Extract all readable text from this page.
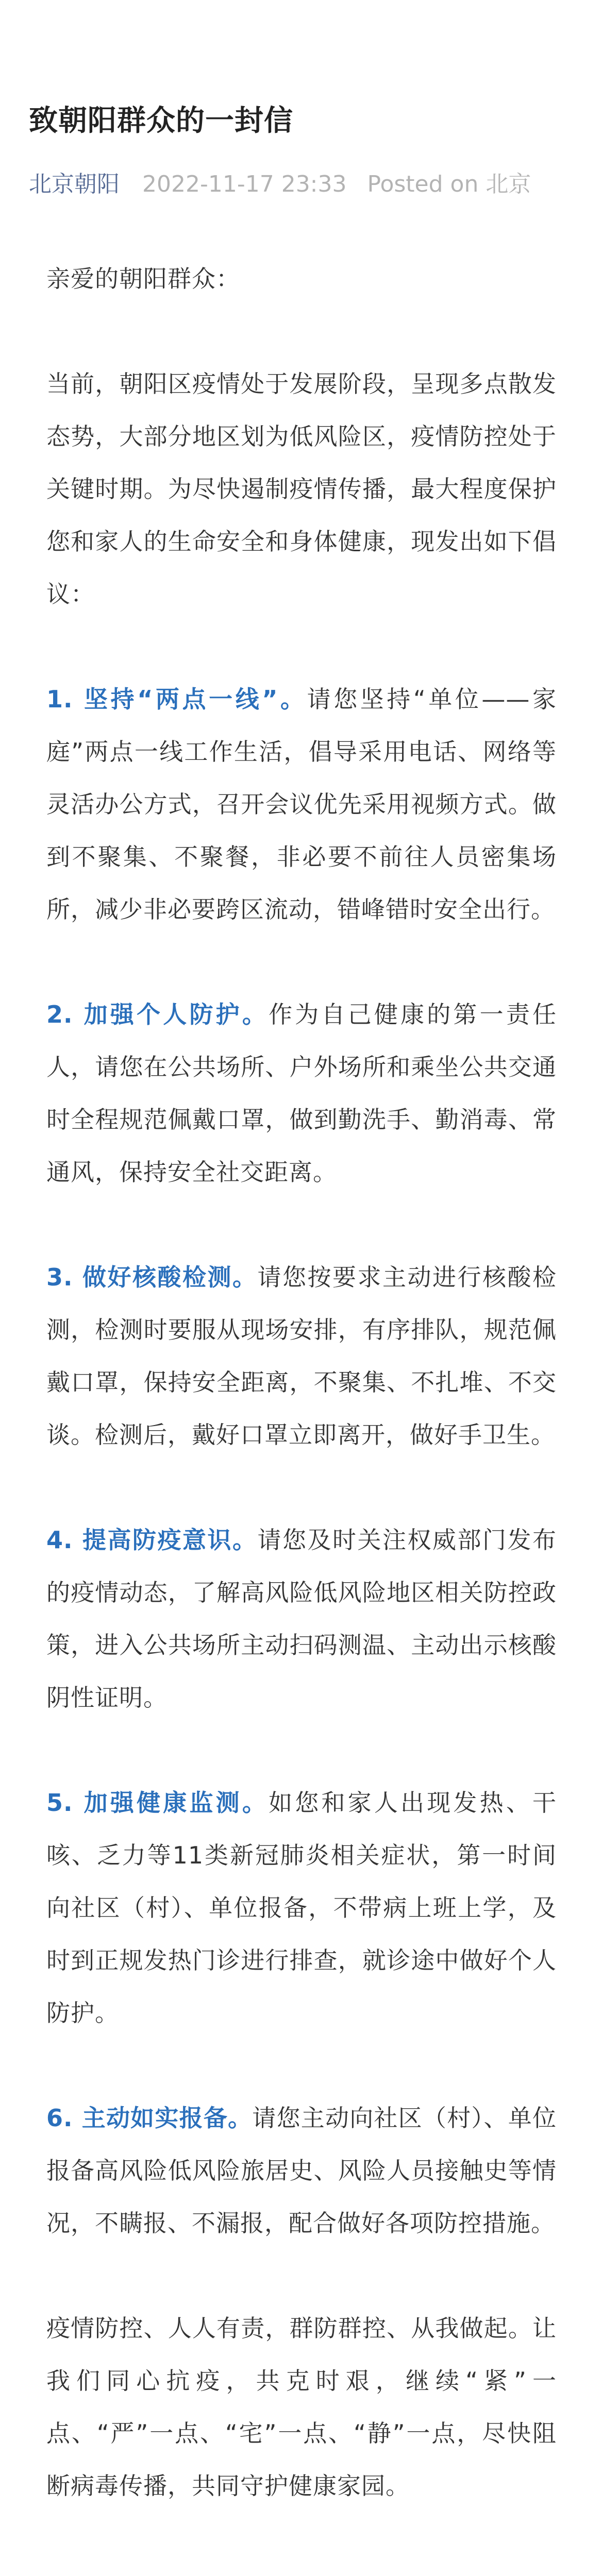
致朝阳群众的一封信
北京朝阳 2022-11-17 23:33 Posted on 北京

亲爱的朝阳群众：

当前，朝阳区疫情处于发展阶段，呈现多点散发态势，大部分地区划为低风险区，疫情防控处于关键时期。为尽快遏制疫情传播，最大程度保护您和家人的生命安全和身体健康，现发出如下倡议：

1. 坚持“两点一线”。请您坚持“单位——家庭”两点一线工作生活，倡导采用电话、网络等灵活办公方式，召开会议优先采用视频方式。做到不聚集、不聚餐，非必要不前往人员密集场所，减少非必要跨区流动，错峰错时安全出行。

2. 加强个人防护。作为自己健康的第一责任人，请您在公共场所、户外场所和乘坐公共交通时全程规范佩戴口罩，做到勤洗手、勤消毒、常通风，保持安全社交距离。

3. 做好核酸检测。请您按要求主动进行核酸检测，检测时要服从现场安排，有序排队，规范佩戴口罩，保持安全距离，不聚集、不扎堆、不交谈。检测后，戴好口罩立即离开，做好手卫生。

4. 提高防疫意识。请您及时关注权威部门发布的疫情动态，了解高风险低风险地区相关防控政策，进入公共场所主动扫码测温、主动出示核酸阴性证明。

5. 加强健康监测。如您和家人出现发热、干咳、乏力等11类新冠肺炎相关症状，第一时间向社区（村）、单位报备，不带病上班上学，及时到正规发热门诊进行排查，就诊途中做好个人防护。

6. 主动如实报备。请您主动向社区（村）、单位报备高风险低风险旅居史、风险人员接触史等情况，不瞒报、不漏报，配合做好各项防控措施。

疫情防控、人人有责，群防群控、从我做起。让我们同心抗疫，共克时艰，继续“紧”一点、“严”一点、“宅”一点、“静”一点，尽快阻断病毒传播，共同守护健康家园。
